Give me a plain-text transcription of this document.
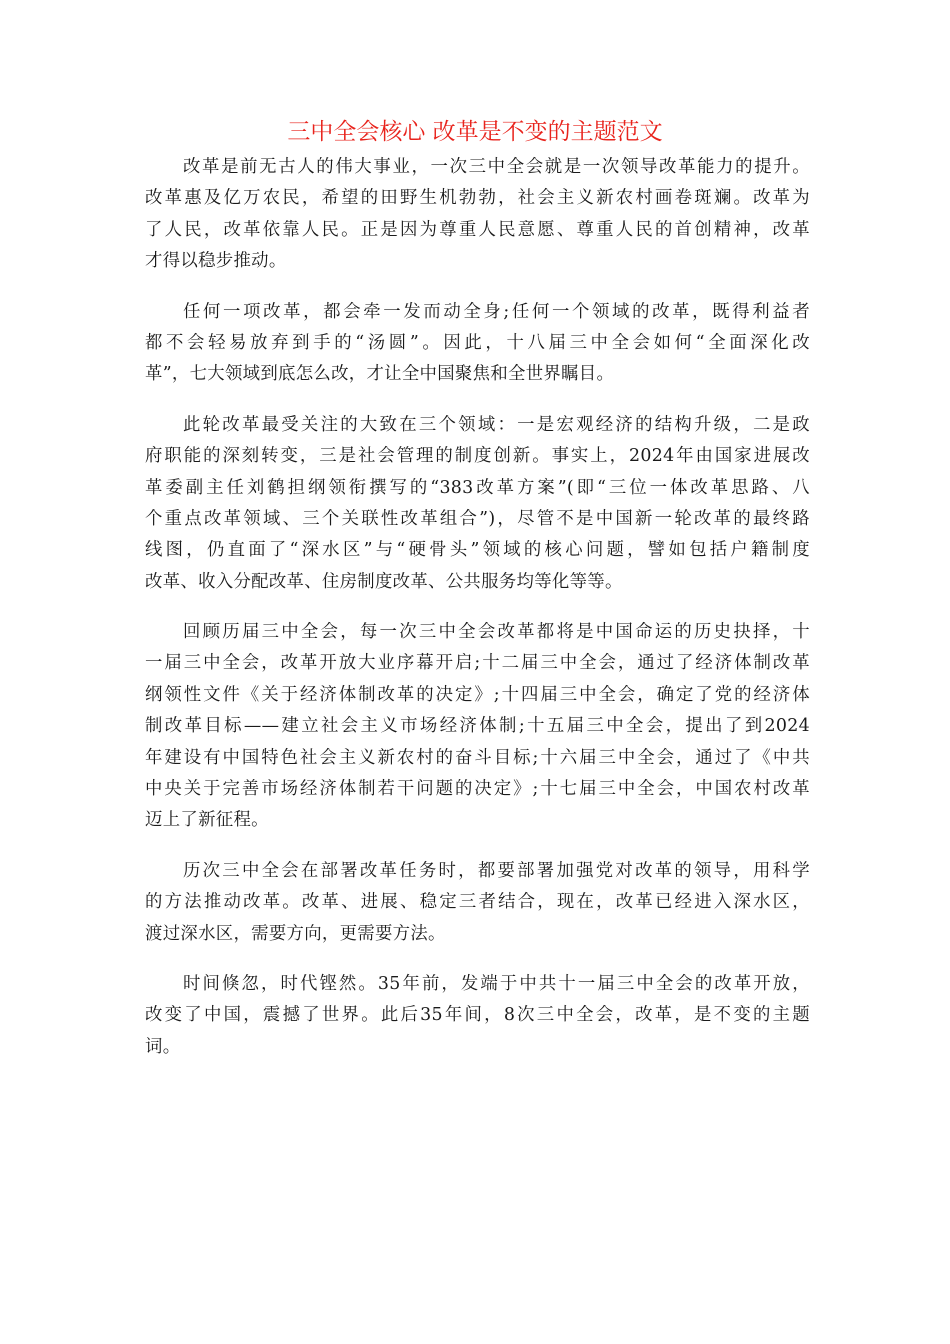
三中全会核心 改革是不变的主题范文
改革是前无古人的伟大事业，一次三中全会就是一次领导改革能力的提升。
改革惠及亿万农民，希望的田野生机勃勃，社会主义新农村画卷斑斓。改革为
了人民，改革依靠人民。正是因为尊重人民意愿、尊重人民的首创精神，改革
才得以稳步推动。
任何一项改革，都会牵一发而动全身;任何一个领域的改革，既得利益者
都不会轻易放弃到手的“汤圆”。因此，十八届三中全会如何“全面深化改
革”，七大领域到底怎么改，才让全中国聚焦和全世界瞩目。
此轮改革最受关注的大致在三个领域：一是宏观经济的结构升级，二是政
府职能的深刻转变，三是社会管理的制度创新。事实上，2024年由国家进展改
革委副主任刘鹤担纲领衔撰写的“383改革方案”(即“三位一体改革思路、八
个重点改革领域、三个关联性改革组合”)，尽管不是中国新一轮改革的最终路
线图，仍直面了“深水区”与“硬骨头”领域的核心问题，譬如包括户籍制度
改革、收入分配改革、住房制度改革、公共服务均等化等等。
回顾历届三中全会，每一次三中全会改革都将是中国命运的历史抉择，十
一届三中全会，改革开放大业序幕开启;十二届三中全会，通过了经济体制改革
纲领性文件《关于经济体制改革的决定》;十四届三中全会，确定了党的经济体
制改革目标——建立社会主义市场经济体制;十五届三中全会，提出了到2024
年建设有中国特色社会主义新农村的奋斗目标;十六届三中全会，通过了《中共
中央关于完善市场经济体制若干问题的决定》;十七届三中全会，中国农村改革
迈上了新征程。
历次三中全会在部署改革任务时，都要部署加强党对改革的领导，用科学
的方法推动改革。改革、进展、稳定三者结合，现在，改革已经进入深水区，
渡过深水区，需要方向，更需要方法。
时间倏忽，时代铿然。35年前，发端于中共十一届三中全会的改革开放，
改变了中国，震撼了世界。此后35年间，8次三中全会，改革，是不变的主题
词。
